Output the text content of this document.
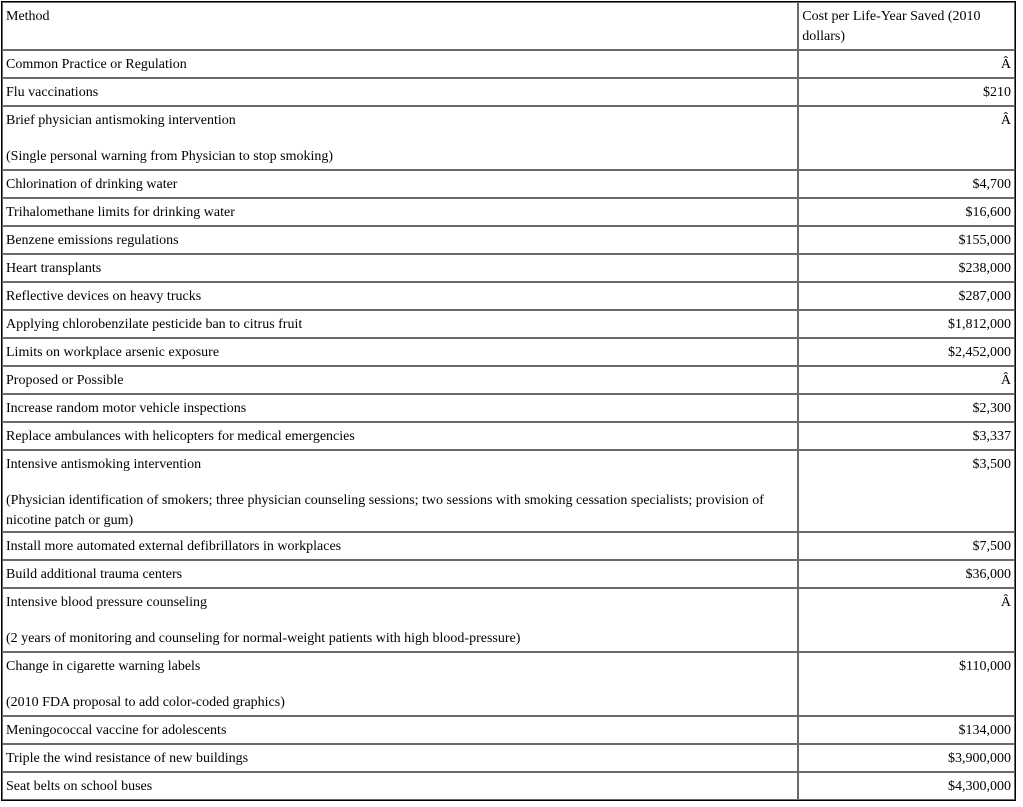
Method	Cost per Life-Year Saved (2010 dollars)

Common Practice or Regulation	Â

Flu vaccinations	$210

Brief physician antismoking intervention
(Single personal warning from Physician to stop smoking)	Â

Chlorination of drinking water	$4,700

Trihalomethane limits for drinking water	$16,600

Benzene emissions regulations	$155,000

Heart transplants	$238,000

Reflective devices on heavy trucks	$287,000

Applying chlorobenzilate pesticide ban to citrus fruit	$1,812,000

Limits on workplace arsenic exposure	$2,452,000

Proposed or Possible	Â

Increase random motor vehicle inspections	$2,300

Replace ambulances with helicopters for medical emergencies	$3,337

Intensive antismoking intervention
(Physician identification of smokers; three physician counseling sessions; two sessions with smoking cessation specialists; provision of nicotine patch or gum)	$3,500

Install more automated external defibrillators in workplaces	$7,500

Build additional trauma centers	$36,000

Intensive blood pressure counseling
(2 years of monitoring and counseling for normal-weight patients with high blood-pressure)	Â

Change in cigarette warning labels
(2010 FDA proposal to add color-coded graphics)	$110,000

Meningococcal vaccine for adolescents	$134,000

Triple the wind resistance of new buildings	$3,900,000

Seat belts on school buses	$4,300,000
